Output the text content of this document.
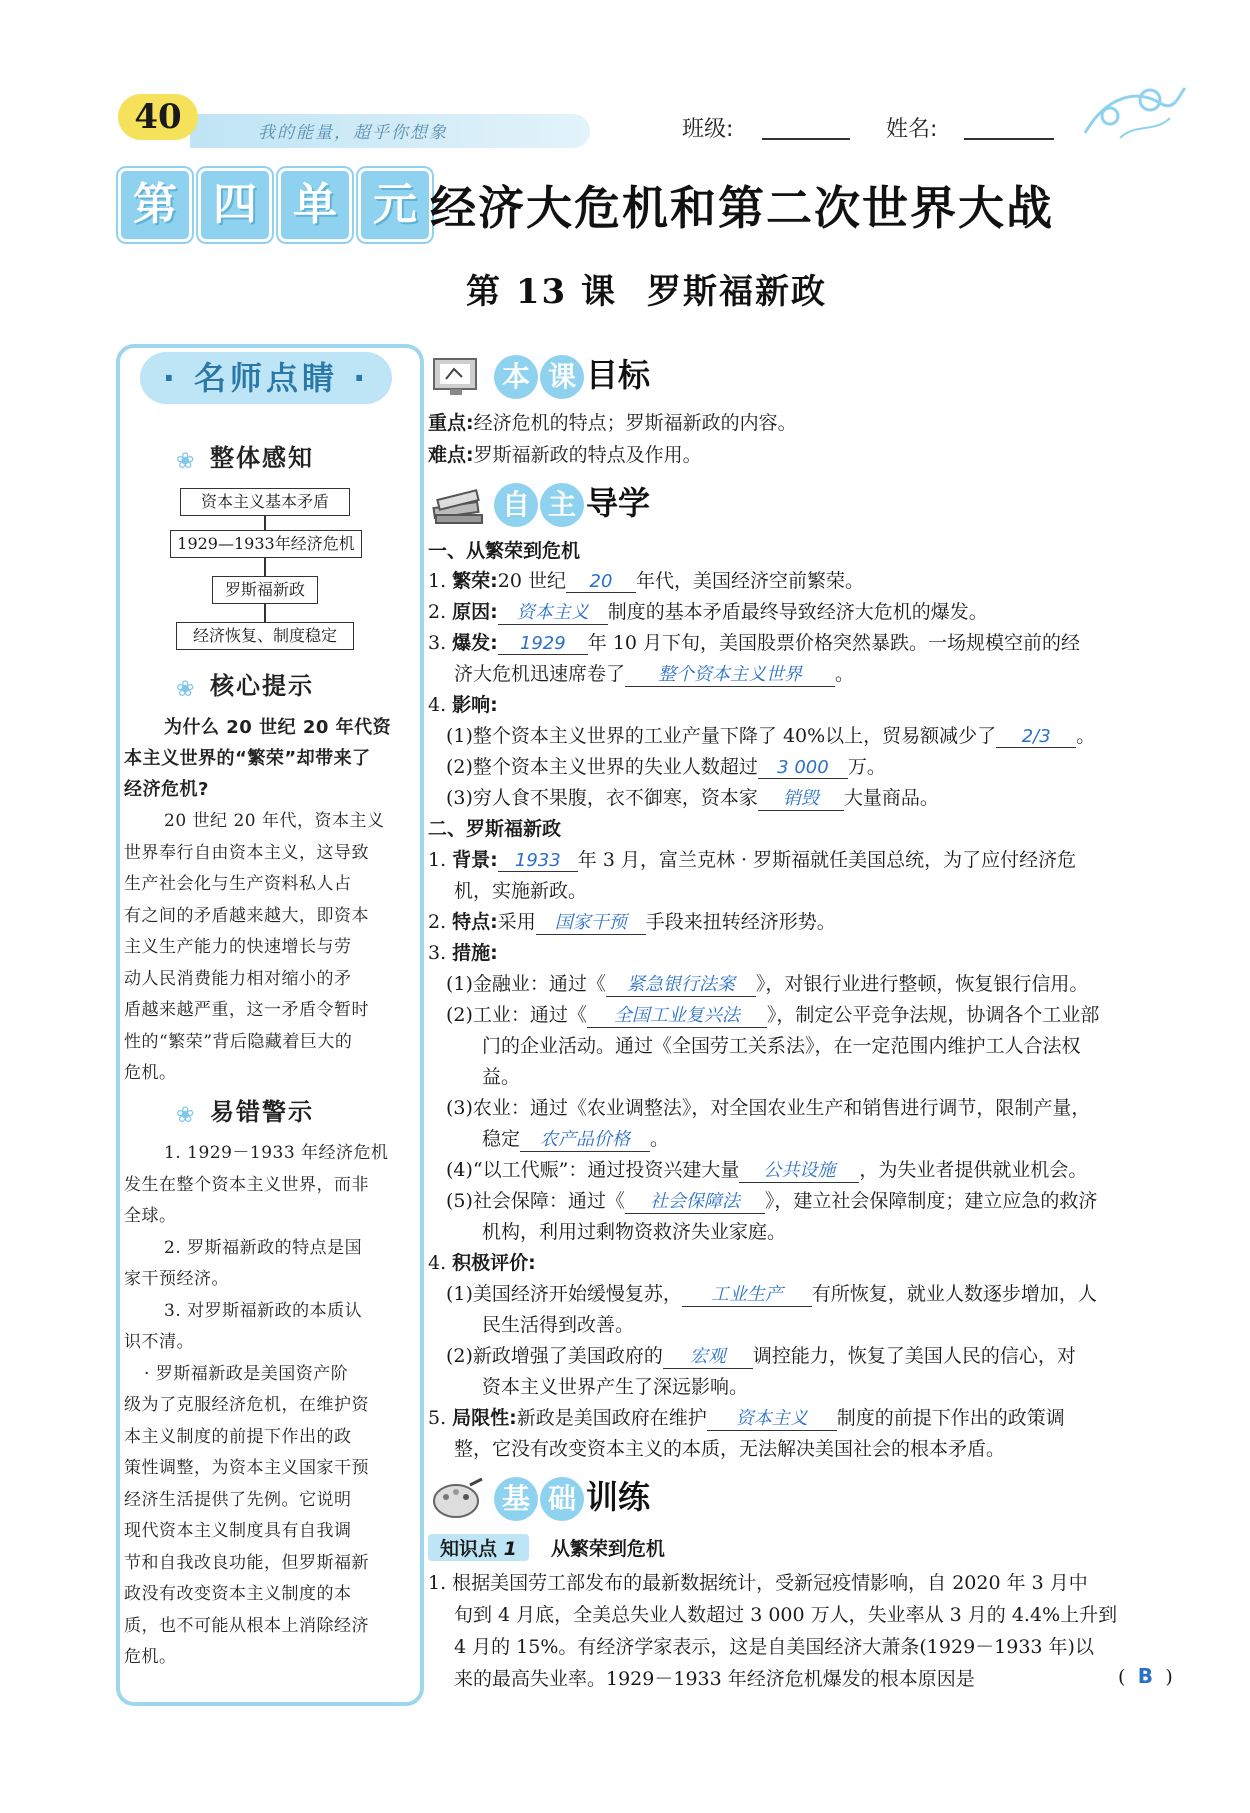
40	我的能量，超乎你想象	班级:	姓名:
第 四 单 元 经济大危机和第二次世界大战
第 13 课 罗斯福新政
· 名师点睛 ·
❀ 整体感知
资本主义基本矛盾
1929—1933年经济危机
罗斯福新政
经济恢复、制度稳定
❀ 核心提示
为什么 20 世纪 20 年代资
本主义世界的“繁荣”却带来了
经济危机?
20 世纪 20 年代，资本主义
世界奉行自由资本主义，这导致
生产社会化与生产资料私人占
有之间的矛盾越来越大，即资本
主义生产能力的快速增长与劳
动人民消费能力相对缩小的矛
盾越来越严重，这一矛盾令暂时
性的“繁荣”背后隐藏着巨大的
危机。
❀ 易错警示
1. 1929－1933 年经济危机
发生在整个资本主义世界，而非
全球。
2. 罗斯福新政的特点是国
家干预经济。
3. 对罗斯福新政的本质认
识不清。
· 罗斯福新政是美国资产阶
级为了克服经济危机，在维护资
本主义制度的前提下作出的政
策性调整，为资本主义国家干预
经济生活提供了先例。它说明
现代资本主义制度具有自我调
节和自我改良功能，但罗斯福新
政没有改变资本主义制度的本
质，也不可能从根本上消除经济
危机。
本 课 目标
重点:经济危机的特点；罗斯福新政的内容。
难点:罗斯福新政的特点及作用。
自 主 导学
一、从繁荣到危机
1. 繁荣:20 世纪 20 年代，美国经济空前繁荣。
2. 原因: 资本主义 制度的基本矛盾最终导致经济大危机的爆发。
3. 爆发: 1929 年 10 月下旬，美国股票价格突然暴跌。一场规模空前的经
济大危机迅速席卷了 整个资本主义世界 。
4. 影响:
(1)整个资本主义世界的工业产量下降了 40%以上，贸易额减少了 2/3 。
(2)整个资本主义世界的失业人数超过 3 000 万。
(3)穷人食不果腹，衣不御寒，资本家 销毁 大量商品。
二、罗斯福新政
1. 背景: 1933 年 3 月，富兰克林 · 罗斯福就任美国总统，为了应付经济危
机，实施新政。
2. 特点:采用 国家干预 手段来扭转经济形势。
3. 措施:
(1)金融业：通过《 紧急银行法案 》，对银行业进行整顿，恢复银行信用。
(2)工业：通过《 全国工业复兴法 》，制定公平竞争法规，协调各个工业部
门的企业活动。通过《全国劳工关系法》，在一定范围内维护工人合法权
益。
(3)农业：通过《农业调整法》，对全国农业生产和销售进行调节，限制产量，
稳定 农产品价格 。
(4)“以工代赈”：通过投资兴建大量 公共设施 ，为失业者提供就业机会。
(5)社会保障：通过《 社会保障法 》，建立社会保障制度；建立应急的救济
机构，利用过剩物资救济失业家庭。
4. 积极评价:
(1)美国经济开始缓慢复苏， 工业生产 有所恢复，就业人数逐步增加，人
民生活得到改善。
(2)新政增强了美国政府的 宏观 调控能力，恢复了美国人民的信心，对
资本主义世界产生了深远影响。
5. 局限性:新政是美国政府在维护 资本主义 制度的前提下作出的政策调
整，它没有改变资本主义的本质，无法解决美国社会的根本矛盾。
基 础 训练
知识点 1 从繁荣到危机
1. 根据美国劳工部发布的最新数据统计，受新冠疫情影响，自 2020 年 3 月中
旬到 4 月底，全美总失业人数超过 3 000 万人，失业率从 3 月的 4.4%上升到
4 月的 15%。有经济学家表示，这是自美国经济大萧条(1929－1933 年)以
来的最高失业率。1929－1933 年经济危机爆发的根本原因是	( B )
